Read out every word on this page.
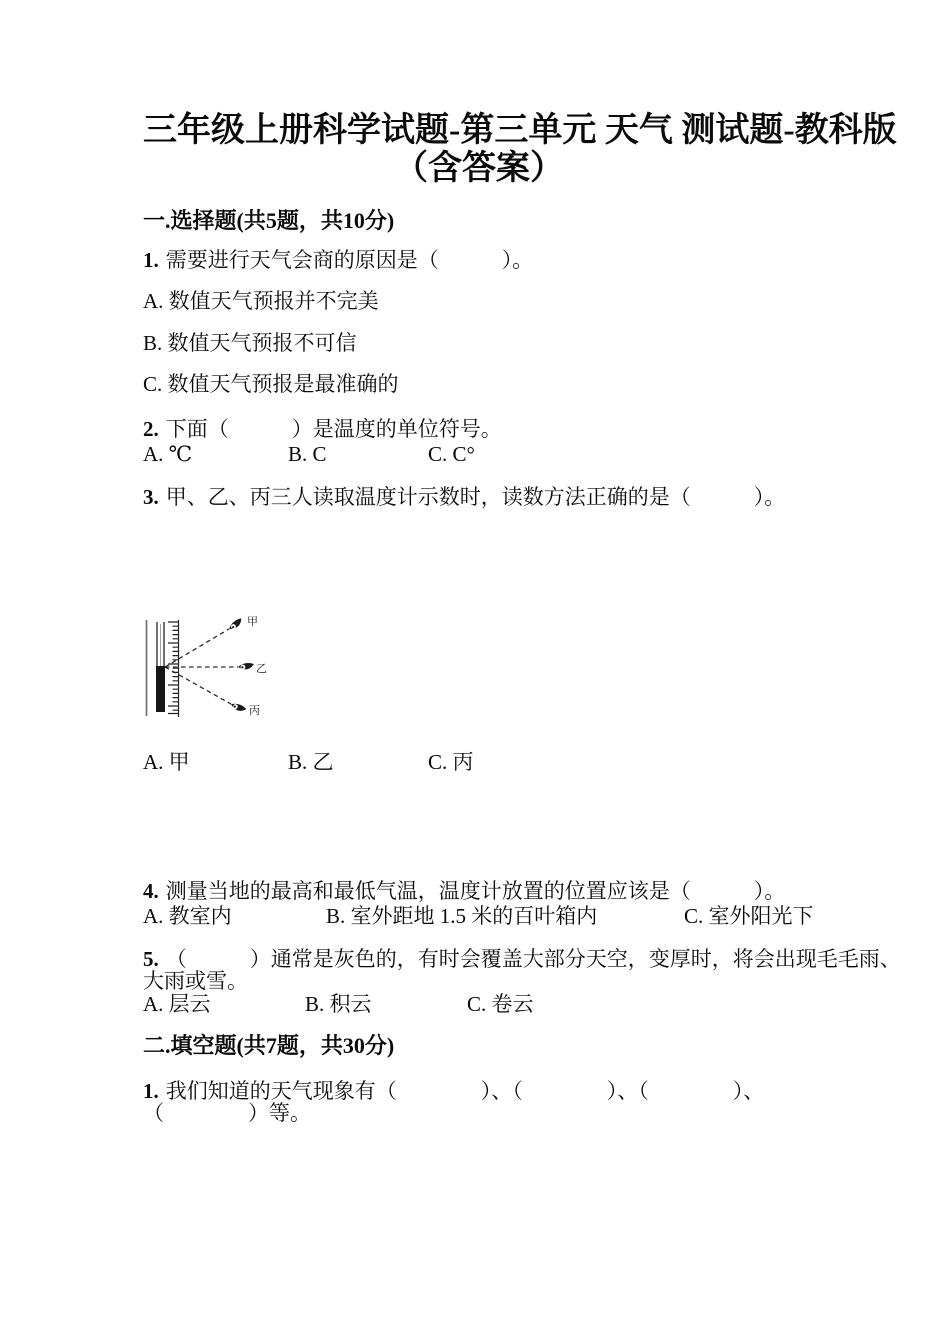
三年级上册科学试题-第三单元 天气 测试题-教科版
（含答案）
一.选择题(共5题，共10分)

1. 需要进行天气会商的原因是（　　　）。

A. 数值天气预报并不完美

B. 数值天气预报不可信

C. 数值天气预报是最准确的

2. 下面（　　　）是温度的单位符号。

A. ℃	B. C	C. C°

3. 甲、乙、丙三人读取温度计示数时，读数方法正确的是（　　　）。

甲
乙
丙
A. 甲	B. 乙	C. 丙

4. 测量当地的最高和最低气温，温度计放置的位置应该是（　　　）。

A. 教室内	B. 室外距地 1.5 米的百叶箱内	C. 室外阳光下
5. （　　　）通常是灰色的，有时会覆盖大部分天空，变厚时，将会出现毛毛雨、
大雨或雪。
A. 层云	B. 积云	C. 卷云
二.填空题(共7题，共30分)
1. 我们知道的天气现象有（　　　　）、（　　　　）、（　　　　）、
（　　　　）等。
